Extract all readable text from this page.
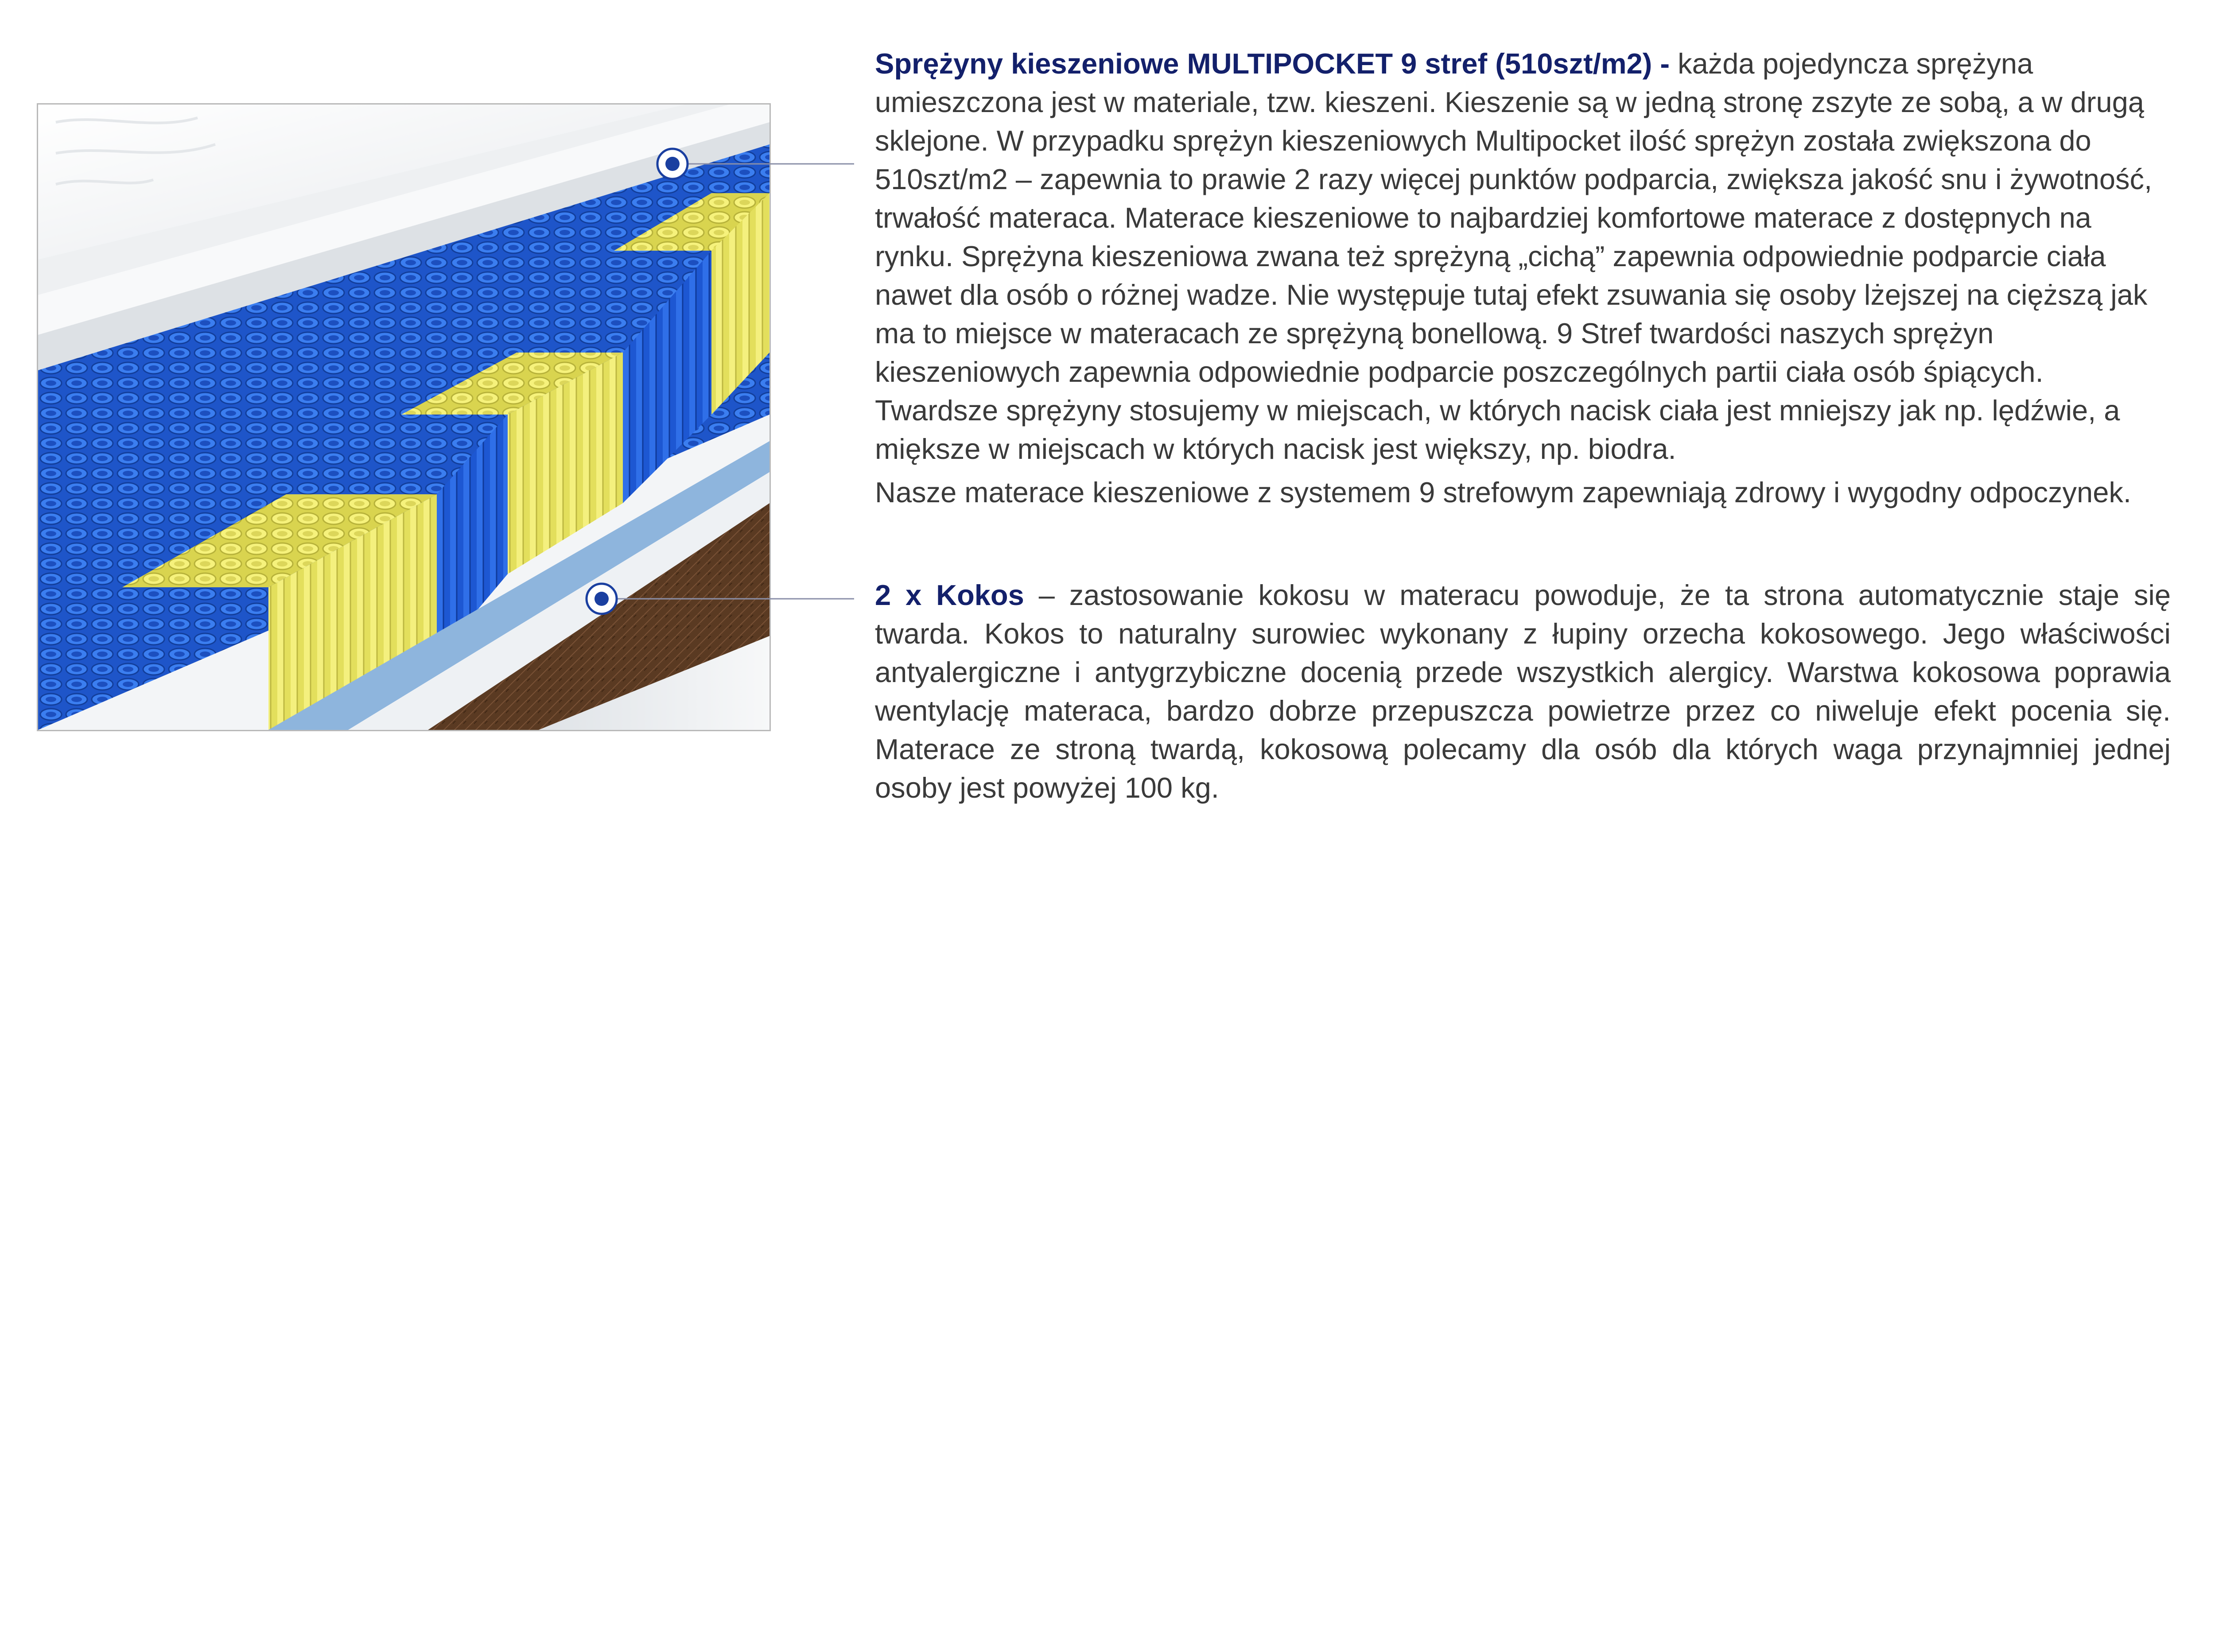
Sprężyny kieszeniowe MULTIPOCKET 9 stref (510szt/m2) - każda pojedyncza sprężyna umieszczona jest w materiale, tzw. kieszeni. Kieszenie są w jedną stronę zszyte ze sobą, a w drugą sklejone. W przypadku sprężyn kieszeniowych Multipocket ilość sprężyn została zwiększona do 510szt/m2 – zapewnia to prawie 2 razy więcej punktów podparcia, zwiększa jakość snu i żywotność, trwałość materaca. Materace kieszeniowe to najbardziej komfortowe materace z dostępnych na rynku. Sprężyna kieszeniowa zwana też sprężyną „cichą” zapewnia odpowiednie podparcie ciała nawet dla osób o różnej wadze. Nie występuje tutaj efekt zsuwania się osoby lżejszej na cięższą jak ma to miejsce w materacach ze sprężyną bonellową. 9 Stref twardości naszych sprężyn kieszeniowych zapewnia odpowiednie podparcie poszczególnych partii ciała osób śpiących. Twardsze sprężyny stosujemy w miejscach, w których nacisk ciała jest mniejszy jak np. lędźwie, a miększe w miejscach w których nacisk jest większy, np. biodra.

Nasze materace kieszeniowe z systemem 9 strefowym zapewniają zdrowy i wygodny odpoczynek.

2 x Kokos – zastosowanie kokosu w materacu powoduje, że ta strona automatycznie staje się twarda. Kokos to naturalny surowiec wykonany z łupiny orzecha kokosowego. Jego właściwości antyalergiczne i antygrzybiczne docenią przede wszystkich alergicy. Warstwa kokosowa poprawia wentylację materaca, bardzo dobrze przepuszcza powietrze przez co niweluje efekt pocenia się. Materace ze stroną twardą, kokosową polecamy dla osób dla których waga przynajmniej jednej osoby jest powyżej 100 kg.
